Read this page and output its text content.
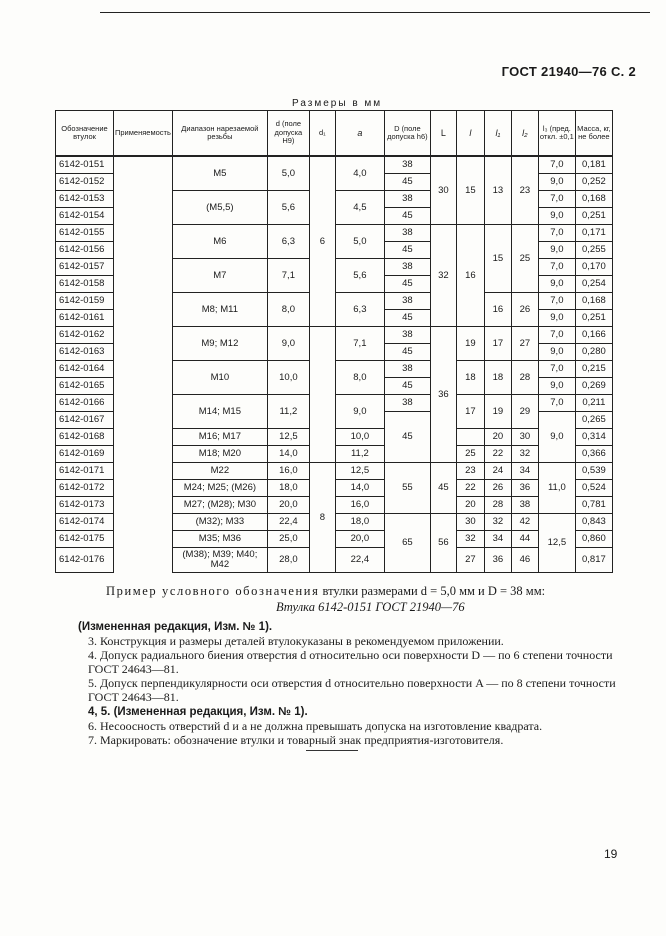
ГОСТ 21940—76 С. 2
Размеры в мм
Обозначение втулок	Применяемость	Диапазон нарезаемой резьбы	d (поле допуска H9)	d₁	a	D (поле допуска h6)	L	l	l₁	l₂	l₃ (пред. откл. ±0,1	Масса, кг, не более
6142-0151		M5	5,0	6	4,0	38	30	15	13	23	7,0	0,181
6142-0152						45					9,0	0,252
6142-0153		(M5,5)	5,6		4,5	38					7,0	0,168
6142-0154						45					9,0	0,251
6142-0155		M6	6,3		5,0	38	32	16	15	25	7,0	0,171
6142-0156						45					9,0	0,255
6142-0157		M7	7,1		5,6	38					7,0	0,170
6142-0158						45					9,0	0,254
6142-0159		M8; M11	8,0		6,3	38			16	26	7,0	0,168
6142-0161						45					9,0	0,251
6142-0162		M9; M12	9,0		7,1	38	36	19	17	27	7,0	0,166
6142-0163						45					9,0	0,280
6142-0164		M10	10,0		8,0	38		18	18	28	7,0	0,215
6142-0165						45					9,0	0,269
6142-0166		M14; M15	11,2		9,0	38		17	19	29	7,0	0,211
6142-0167						45					9,0	0,265
6142-0168		M16; M17	12,5		10,0				20	30		0,314
6142-0169		M18; M20	14,0		11,2			25	22	32		0,366
6142-0171		M22	16,0	8	12,5	55	45	23	24	34	11,0	0,539
6142-0172		M24; M25; (M26)	18,0		14,0			22	26	36		0,524
6142-0173		M27; (M28); M30	20,0		16,0			20	28	38		0,781
6142-0174		(M32); M33	22,4		18,0	65	56	30	32	42	12,5	0,843
6142-0175		M35; M36	25,0		20,0			32	34	44		0,860
6142-0176		(M38); M39; M40; M42	28,0		22,4			27	36	46		0,817
Пример условного обозначения втулки размерами d = 5,0 мм и D = 38 мм:
Втулка 6142-0151 ГОСТ 21940—76

(Измененная редакция, Изм. № 1).

3. Конструкция и размеры деталей втулокуказаны в рекомендуемом приложении.

4. Допуск радиального биения отверстия d относительно оси поверхности D — по 6 степени точности ГОСТ 24643—81.

5. Допуск перпендикулярности оси отверстия d относительно поверхности A — по 8 степени точности ГОСТ 24643—81.

4, 5. (Измененная редакция, Изм. № 1).

6. Несоосность отверстий d и a не должна превышать допуска на изготовление квадрата.

7. Маркировать: обозначение втулки и товарный знак предприятия-изготовителя.

19
